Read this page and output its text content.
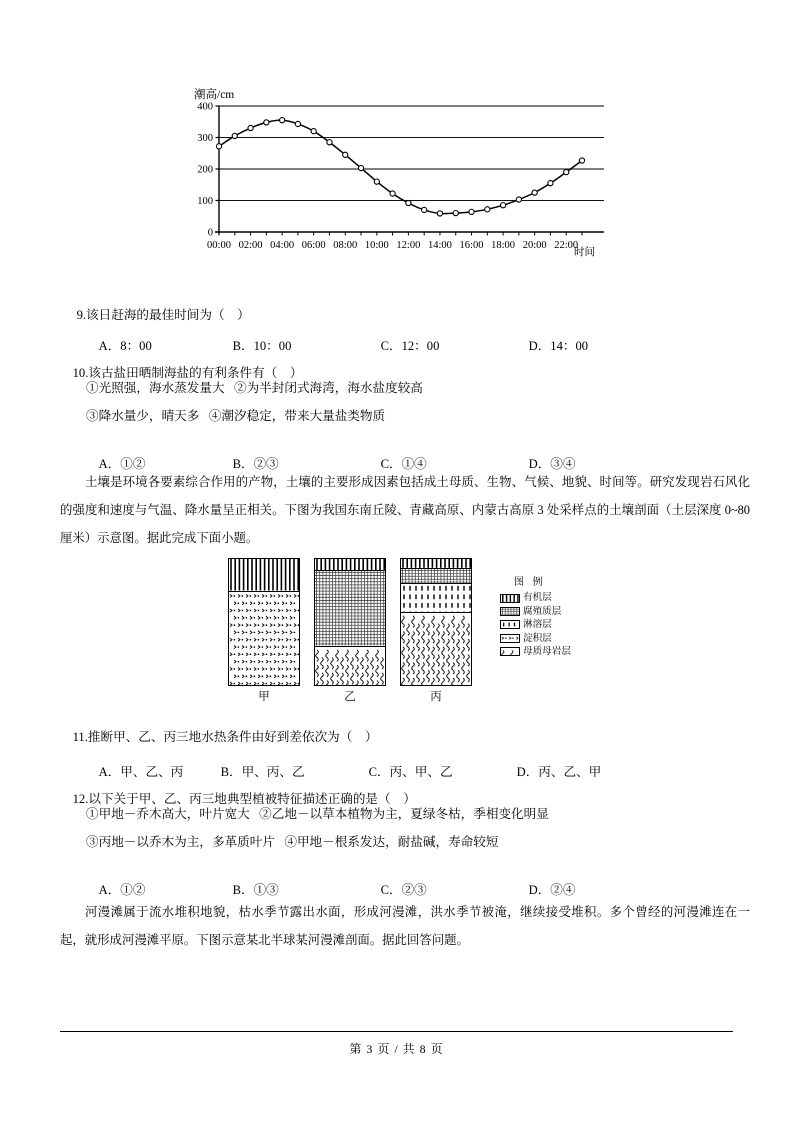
潮高/cm
时间
0
100
200
300
400
00:00 02:00 04:00 06:00 08:00 10:00 12:00 14:00 16:00 18:00 20:00 22:00

9.该日赶海的最佳时间为（    ）

A．8：00	B．10：00	C．12：00	D．14：00

10.该古盐田晒制海盐的有利条件有（    ）

①光照强，海水蒸发量大   ②为半封闭式海湾，海水盐度较高
③降水量少，晴天多   ④潮汐稳定，带来大量盐类物质

A．①②	B．②③	C．①④	D．③④

土壤是环境各要素综合作用的产物，土壤的主要形成因素包括成土母质、生物、气候、地貌、时间等。研究发现岩石风化的强度和速度与气温、降水量呈正相关。下图为我国东南丘陵、青藏高原、内蒙古高原 3 处采样点的土壤剖面（土层深度 0~80 厘米）示意图。据此完成下面小题。
甲	乙	丙
图 例
有机层
腐殖质层
淋溶层
淀积层
母质母岩层

11.推断甲、乙、丙三地水热条件由好到差依次为（    ）

A．甲、乙、丙	B．甲、丙、乙	C．丙、甲、乙	D．丙、乙、甲

12.以下关于甲、乙、丙三地典型植被特征描述正确的是（    ）

①甲地－乔木高大，叶片宽大   ②乙地－以草本植物为主，夏绿冬枯，季相变化明显
③丙地－以乔木为主，多革质叶片   ④甲地－根系发达，耐盐碱，寿命较短

A．①②	B．①③	C．②③	D．②④

河漫滩属于流水堆积地貌，枯水季节露出水面，形成河漫滩，洪水季节被淹，继续接受堆积。多个曾经的河漫滩连在一起，就形成河漫滩平原。下图示意某北半球某河漫滩剖面。据此回答问题。
第 3 页 / 共 8 页
